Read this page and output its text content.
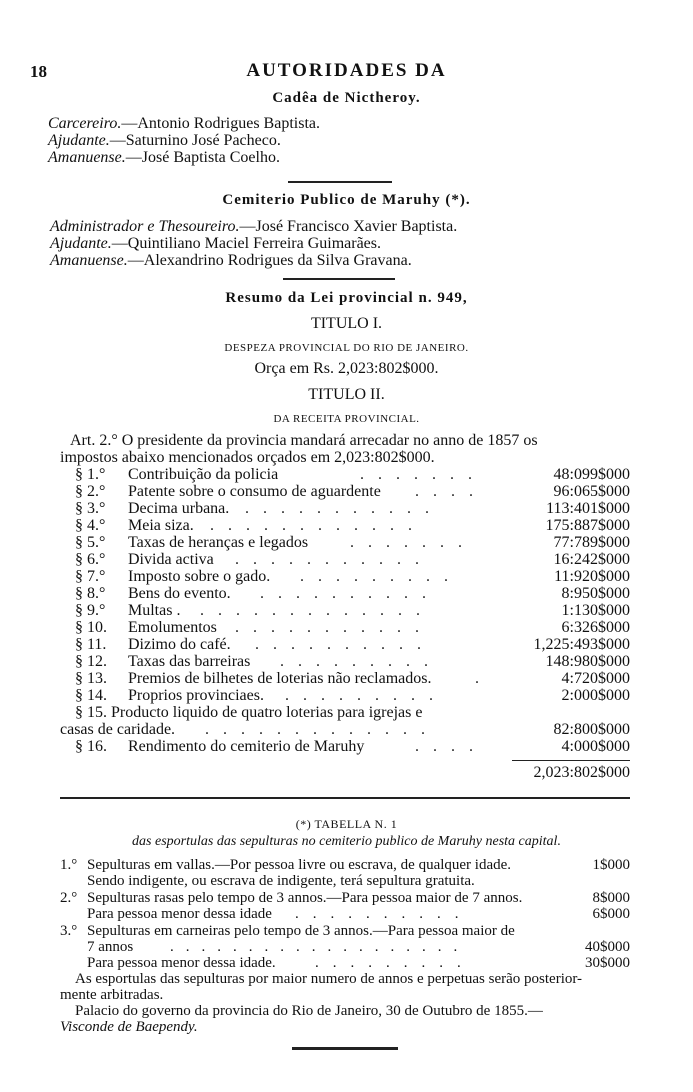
18	AUTORIDADES DA
Cadêa de Nictheroy.
Carcereiro.—Antonio Rodrigues Baptista.
Ajudante.—Saturnino José Pacheco.
Amanuense.—José Baptista Coelho.
Cemiterio Publico de Maruhy (*).
Administrador e Thesoureiro.—José Francisco Xavier Baptista.
Ajudante.—Quintiliano Maciel Ferreira Guimarães.
Amanuense.—Alexandrino Rodrigues da Silva Gravana.
Resumo da Lei provincial n. 949,
TITULO I.
DESPEZA PROVINCIAL DO RIO DE JANEIRO.
Orça em Rs. 2,023:802$000.
TITULO II.
DA RECEITA PROVINCIAL.
Art. 2.° O presidente da provincia mandará arrecadar no anno de 1857 os
impostos abaixo mencionados orçados em 2,023:802$000.
§ 1.° Contribuição da policia	.......	48:099$000
§ 2.° Patente sobre o consumo de aguardente ....	96:065$000
§ 3.° Decima urbana. ...........	113:401$000
§ 4.° Meia siza. ............	175:887$000
§ 5.° Taxas de heranças e legados	.......	77:789$000
§ 6.° Divida activa ...........	16:242$000
§ 7.° Imposto sobre o gado. .........	11:920$000
§ 8.° Bens do evento. ..........	8:950$000
§ 9.° Multas . .............	1:130$000
§ 10. Emolumentos ...........	6:326$000
§ 11. Dizimo do café. ..........	1,225:493$000
§ 12. Taxas das barreiras .........	148:980$000
§ 13. Premios de bilhetes de loterias não reclamados.	.	4:720$000
§ 14. Proprios provinciaes. .........	2:000$000
§ 15. Producto liquido de quatro loterias para igrejas e
casas de caridade. .............	82:800$000
§ 16. Rendimento do cemiterio de Maruhy	....	4:000$000
2,023:802$000
(*) TABELLA N. 1
das esportulas das sepulturas no cemiterio publico de Maruhy nesta capital.
1.° Sepulturas em vallas.—Por pessoa livre ou escrava, de qualquer idade.	1$000
Sendo indigente, ou escrava de indigente, terá sepultura gratuita.
2.° Sepulturas rasas pelo tempo de 3 annos.—Para pessoa maior de 7 annos.	8$000
Para pessoa menor dessa idade ..........	6$000
3.° Sepulturas em carneiras pelo tempo de 3 annos.—Para pessoa maior de
7 annos ...................	40$000
Para pessoa menor dessa idade.	.........	30$000
As esportulas das sepulturas por maior numero de annos e perpetuas serão posterior-
mente arbitradas.
Palacio do governo da provincia do Rio de Janeiro, 30 de Outubro de 1855.—
Visconde de Baependy.
